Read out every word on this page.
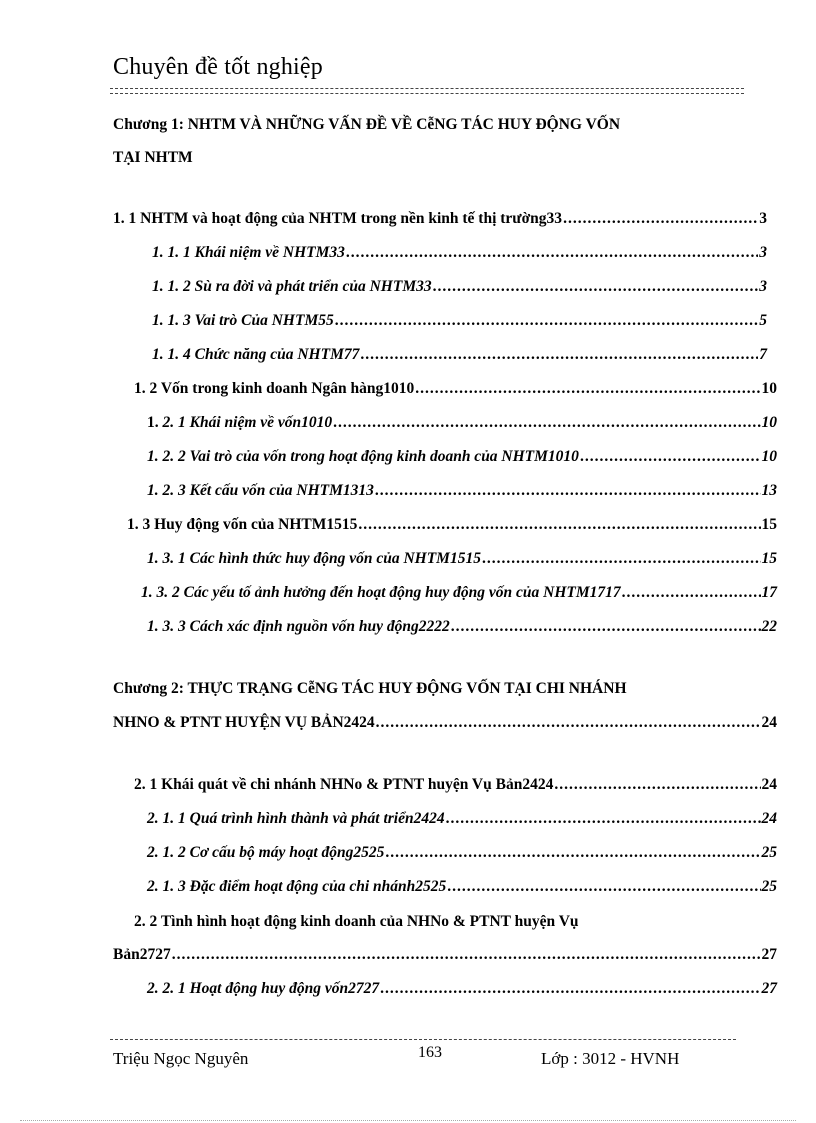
Chuyên đề tốt nghiệp
Chương 1: NHTM VÀ NHỮNG VẤN ĐỀ VỀ CễNG TÁC HUY ĐỘNG VỐN
TẠI NHTM
1. 1 NHTM và hoạt động của NHTM trong nền kinh tế thị trường33 .....	3
1. 1. 1 Khái niệm về NHTM33 .....	3
1. 1. 2 Sù ra đời và phát triển của NHTM33 .....	3
1. 1. 3 Vai trò Của NHTM55 .....	5
1. 1. 4 Chức năng của NHTM77 .....	7
1. 2 Vốn trong kinh doanh Ngân hàng1010 .....	10
1. 2. 1 Khái niệm về vốn1010 .....	10
1. 2. 2 Vai trò của vốn trong hoạt động kinh doanh của NHTM1010 .....	10
1. 2. 3 Kết cấu vốn của NHTM1313 .....	13
1. 3 Huy động vốn của NHTM1515 .....	15
1. 3. 1 Các hình thức huy động vốn của NHTM1515 .....	15
1. 3. 2 Các yếu tố ảnh hưởng đến hoạt động huy động vốn của NHTM1717 .....	17
1. 3. 3 Cách xác định nguồn vốn huy động2222 .....	22
Chương 2: THỰC TRẠNG CễNG TÁC HUY ĐỘNG VỐN TẠI CHI NHÁNH
NHNO & PTNT HUYỆN VỤ BẢN2424 .....	24
2. 1 Khái quát về chi nhánh NHNo & PTNT huyện Vụ Bản2424 .....	24
2. 1. 1 Quá trình hình thành và phát triển2424 .....	24
2. 1. 2 Cơ cấu bộ máy hoạt động2525 .....	25
2. 1. 3 Đặc điểm hoạt động của chi nhánh2525 .....	25
2. 2 Tình hình hoạt động kinh doanh của NHNo & PTNT huyện Vụ
Bản2727 .....	27
2. 2. 1 Hoạt động huy động vốn2727 .....	27
Triệu Ngọc Nguyên	163	Lớp : 3012 - HVNH
